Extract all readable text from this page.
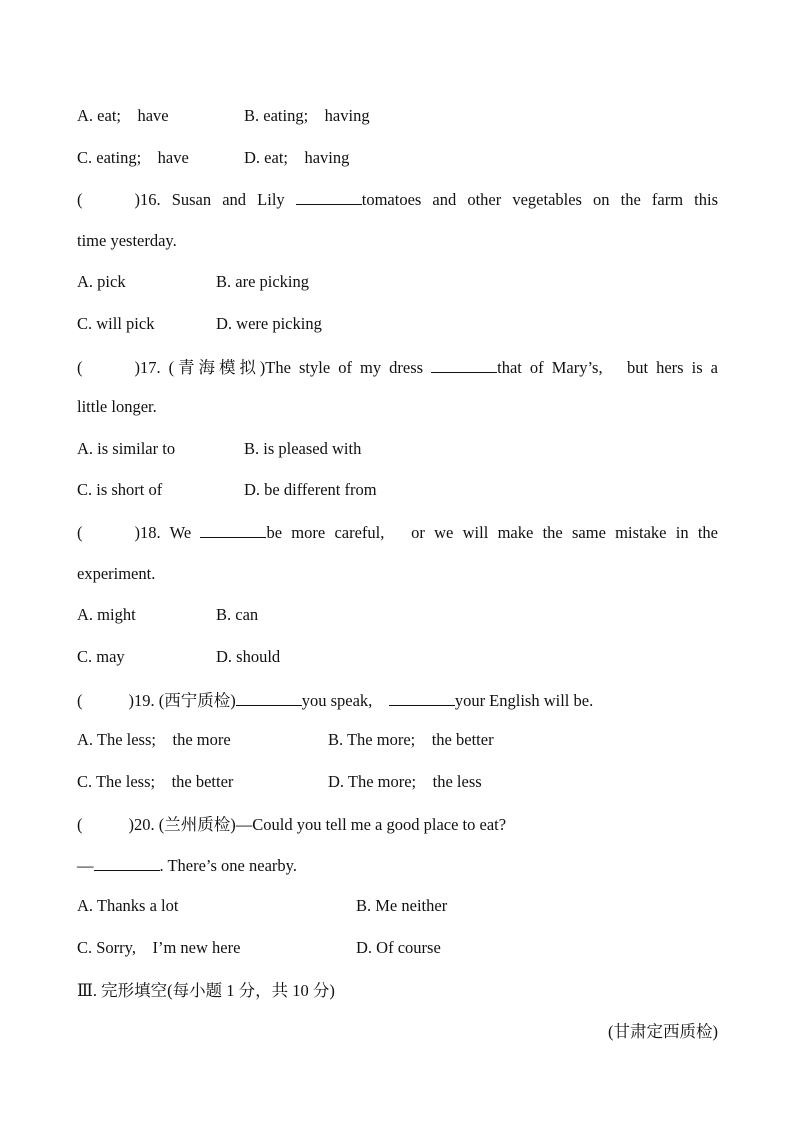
A. eat;　have	B. eating;　having
C. eating;　have	D. eat;　having
(	)16. Susan and Lily	tomatoes and other vegetables on the farm this
time yesterday.
A. pick	B. are picking
C. will pick	D. were picking
(	)17. (青海模拟)The style of my dress	that of Mary’s,　but hers is a
little longer.
A. is similar to	B. is pleased with
C. is short of	D. be different from
(	)18. We	be more careful,　or we will make the same mistake in the
experiment.
A. might	B. can
C. may	D. should
(	)19. (西宁质检)	you speak,　	your English will be.
A. The less;　the more	B. The more;　the better
C. The less;　the better	D. The more;　the less
(	)20. (兰州质检)—Could you tell me a good place to eat?
—	. There’s one nearby.
A. Thanks a lot	B. Me neither
C. Sorry,　I’m new here	D. Of course
Ⅲ. 完形填空(每小题 1 分，共 10 分)
(甘肃定西质检)
